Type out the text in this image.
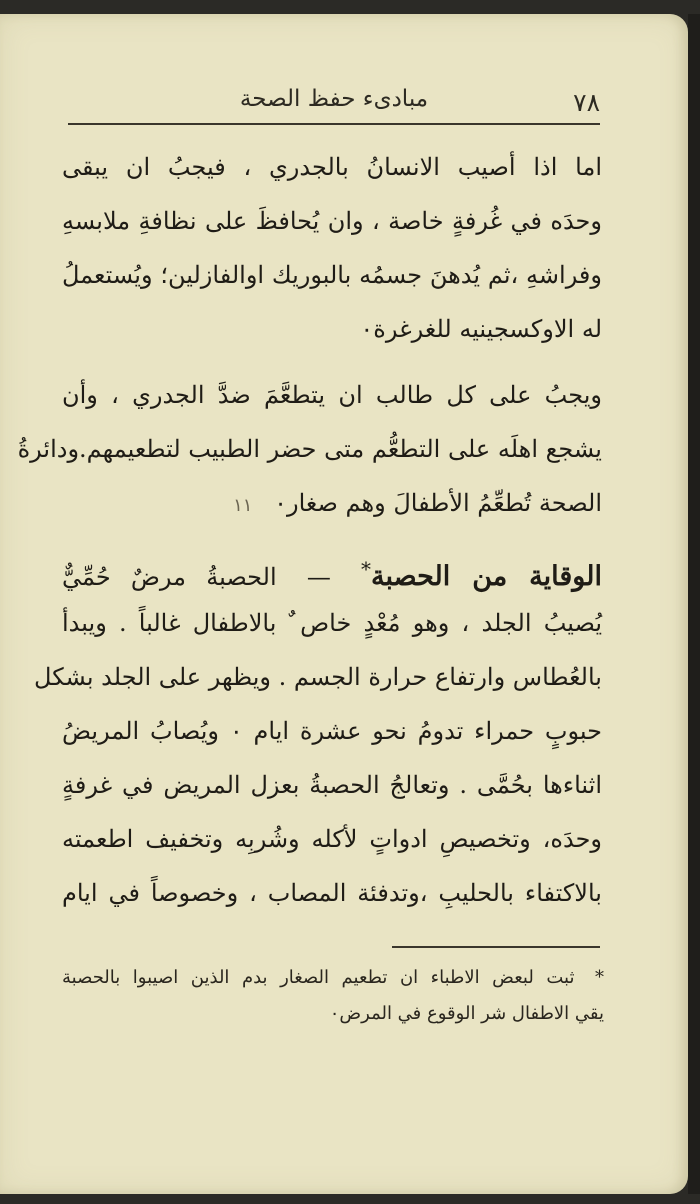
٧٨
مبادیء حفظ الصحة
اما اذا أصيب الانسانُ بالجدري ، فيجبُ ان يبقى
وحدَه في غُرفةٍ خاصة ، وان يُحافظَ على نظافةِ ملابسهِ
وفراشهِ ،ثم يُدهنَ جسمُه بالبوريك اوالفازلين؛ ويُستعملُ
له الاوكسجينيه للغرغرة٠
ويجبُ على كل طالب ان يتطعَّمَ ضدَّ الجدري ، وأن
يشجع اهلَه على التطعُّم متى حضر الطبيب لتطعيمهم.ودائرةُ
الصحة تُطعِّمُ الأطفالَ وهم صغار٠ ١١
الوقاية من الحصبة* — الحصبةُ مرضٌ حُمِّيٌّ
يُصيبُ الجلد ، وهو مُعْدٍ خاص ٌ بالاطفال غالباً . ويبدأ
بالعُطاس وارتفاع حرارة الجسم . ويظهر على الجلد بشكل
حبوبٍ حمراء تدومُ نحو عشرة ايام ٠ ويُصابُ المريضُ
اثناءها بحُمَّى . وتعالجُ الحصبةُ بعزل المريض في غرفةٍ
وحدَه، وتخصيصِ ادواتٍ لأكله وشُربِه وتخفيف اطعمته
بالاكتفاء بالحليبِ ،وتدفئة المصاب ، وخصوصاً في ايام
* ثبت لبعض الاطباء ان تطعيم الصغار بدم الذين اصيبوا بالحصبة
يقي الاطفال شر الوقوع في المرض٠
